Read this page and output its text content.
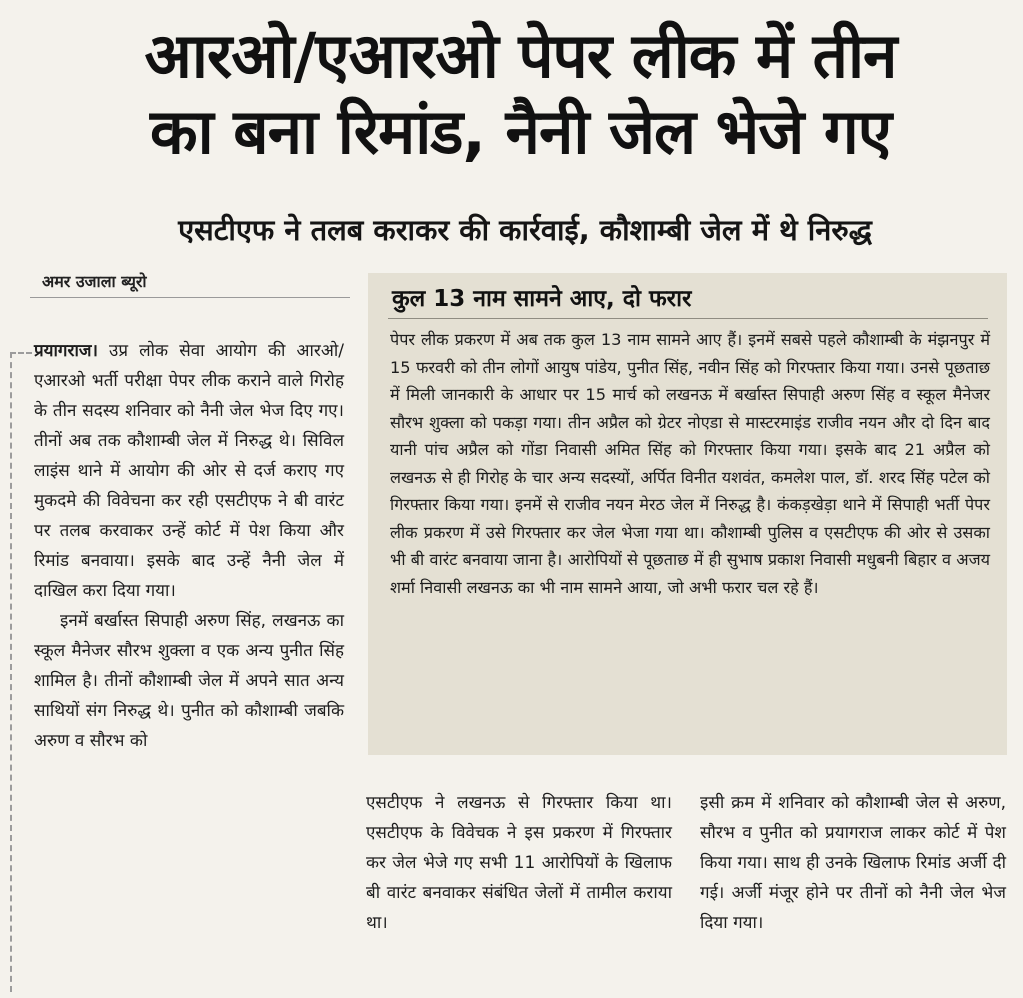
आरओ/एआरओ पेपर लीक में तीन
का बना रिमांड, नैनी जेल भेजे गए
एसटीएफ ने तलब कराकर की कार्रवाई, कौशाम्बी जेल में थे निरुद्ध
अमर उजाला ब्यूरो

प्रयागराज। उप्र लोक सेवा आयोग की आरओ/एआरओ भर्ती परीक्षा पेपर लीक कराने वाले गिरोह के तीन सदस्य शनिवार को नैनी जेल भेज दिए गए। तीनों अब तक कौशाम्बी जेल में निरुद्ध थे। सिविल लाइंस थाने में आयोग की ओर से दर्ज कराए गए मुकदमे की विवेचना कर रही एसटीएफ ने बी वारंट पर तलब करवाकर उन्हें कोर्ट में पेश किया और रिमांड बनवाया। इसके बाद उन्हें नैनी जेल में दाखिल करा दिया गया।

इनमें बर्खास्त सिपाही अरुण सिंह, लखनऊ का स्कूल मैनेजर सौरभ शुक्ला व एक अन्य पुनीत सिंह शामिल है। तीनों कौशाम्बी जेल में अपने सात अन्य साथियों संग निरुद्ध थे। पुनीत को कौशाम्बी जबकि अरुण व सौरभ को

कुल 13 नाम सामने आए, दो फरार
पेपर लीक प्रकरण में अब तक कुल 13 नाम सामने आए हैं। इनमें सबसे पहले कौशाम्बी के मंझनपुर में 15 फरवरी को तीन लोगों आयुष पांडेय, पुनीत सिंह, नवीन सिंह को गिरफ्तार किया गया। उनसे पूछताछ में मिली जानकारी के आधार पर 15 मार्च को लखनऊ में बर्खास्त सिपाही अरुण सिंह व स्कूल मैनेजर सौरभ शुक्ला को पकड़ा गया। तीन अप्रैल को ग्रेटर नोएडा से मास्टरमाइंड राजीव नयन और दो दिन बाद यानी पांच अप्रैल को गोंडा निवासी अमित सिंह को गिरफ्तार किया गया। इसके बाद 21 अप्रैल को लखनऊ से ही गिरोह के चार अन्य सदस्यों, अर्पित विनीत यशवंत, कमलेश पाल, डॉ. शरद सिंह पटेल को गिरफ्तार किया गया। इनमें से राजीव नयन मेरठ जेल में निरुद्ध है। कंकड़खेड़ा थाने में सिपाही भर्ती पेपर लीक प्रकरण में उसे गिरफ्तार कर जेल भेजा गया था। कौशाम्बी पुलिस व एसटीएफ की ओर से उसका भी बी वारंट बनवाया जाना है। आरोपियों से पूछताछ में ही सुभाष प्रकाश निवासी मधुबनी बिहार व अजय शर्मा निवासी लखनऊ का भी नाम सामने आया, जो अभी फरार चल रहे हैं।

एसटीएफ ने लखनऊ से गिरफ्तार किया था। एसटीएफ के विवेचक ने इस प्रकरण में गिरफ्तार कर जेल भेजे गए सभी 11 आरोपियों के खिलाफ बी वारंट बनवाकर संबंधित जेलों में तामील कराया था।

इसी क्रम में शनिवार को कौशाम्बी जेल से अरुण, सौरभ व पुनीत को प्रयागराज लाकर कोर्ट में पेश किया गया। साथ ही उनके खिलाफ रिमांड अर्जी दी गई। अर्जी मंजूर होने पर तीनों को नैनी जेल भेज दिया गया।
